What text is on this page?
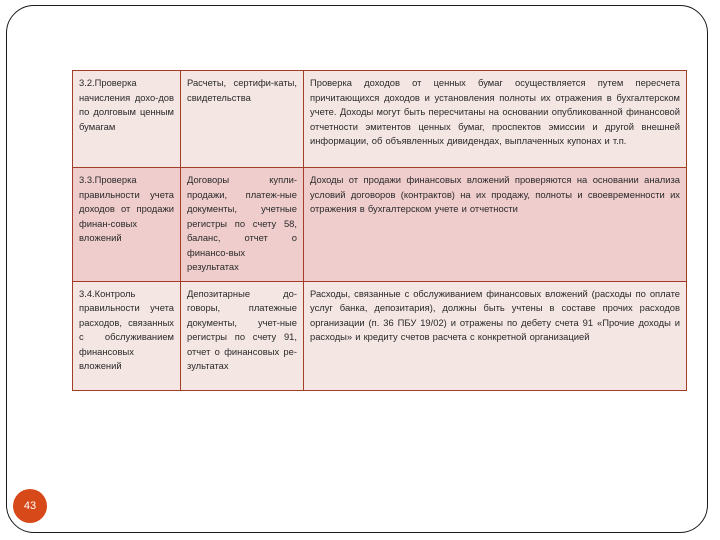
3.2.Проверка начисления дохо-дов по долговым ценным бумагам	Расчеты, сертифи-каты, свидетельства	Проверка доходов от ценных бумаг осуществляется путем пересчета причитающихся доходов и установления полноты их отражения в бухгалтерском учете. Доходы могут быть пересчитаны на основании опубликованной финансовой отчетности эмитентов ценных бумаг, проспектов эмиссии и другой внешней информации, об объявленных дивидендах, выплаченных купонах и т.п.
3.3.Проверка правильности учета доходов от продажи финан-совых вложений	Договоры купли-продажи, платеж-ные документы, учетные регистры по счету 58, баланс, отчет о финансо-вых результатах	Доходы от продажи финансовых вложений проверяются на основании анализа условий договоров (контрактов) на их продажу, полноты и своевременности их отражения в бухгалтерском учете и отчетности
3.4.Контроль правильности учета расходов, связанных с обслуживанием финансовых вложений	Депозитарные до-говоры, платежные документы, учет-ные регистры по счету 91, отчет о финансовых ре-зультатах	Расходы, связанные с обслуживанием финансовых вложений (расходы по оплате услуг банка, депозитария), должны быть учтены в составе прочих расходов организации (п. 36 ПБУ 19/02) и отражены по дебету счета 91 «Прочие доходы и расходы» и кредиту счетов расчета с конкретной организацией
43
